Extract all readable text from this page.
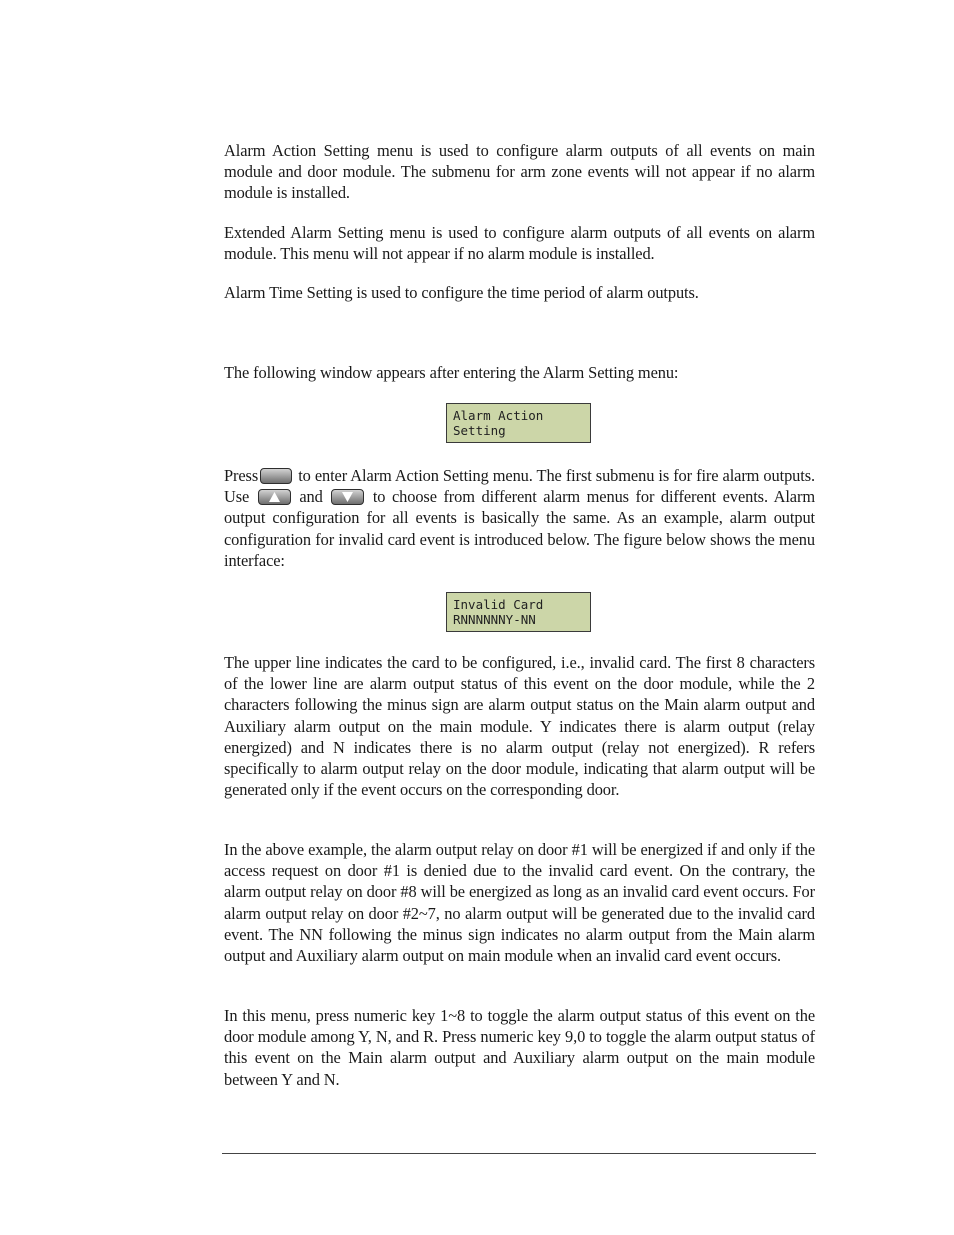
Alarm Action Setting menu is used to configure alarm outputs of all events on main module and door module. The submenu for arm zone events will not appear if no alarm module is installed.

Extended Alarm Setting menu is used to configure alarm outputs of all events on alarm module. This menu will not appear if no alarm module is installed.

Alarm Time Setting is used to configure the time period of alarm outputs.

The following window appears after entering the Alarm Setting menu:

Alarm Action
Setting

Press to enter Alarm Action Setting menu. The first submenu is for fire alarm outputs. Use
and
to choose from different alarm menus for different events. Alarm output configuration for all events is basically the same. As an example, alarm output configuration for invalid card event is introduced below. The figure below shows the menu interface:

Invalid Card
RNNNNNNY-NN

The upper line indicates the card to be configured, i.e., invalid card. The first 8 characters of the lower line are alarm output status of this event on the door module, while the 2 characters following the minus sign are alarm output status on the Main alarm output and Auxiliary alarm output on the main module. Y indicates there is alarm output (relay energized) and N indicates there is no alarm output (relay not energized). R refers specifically to alarm output relay on the door module, indicating that alarm output will be generated only if the event occurs on the corresponding door.

In the above example, the alarm output relay on door #1 will be energized if and only if the access request on door #1 is denied due to the invalid card event. On the contrary, the alarm output relay on door #8 will be energized as long as an invalid card event occurs. For alarm output relay on door #2~7, no alarm output will be generated due to the invalid card event. The NN following the minus sign indicates no alarm output from the Main alarm output and Auxiliary alarm output on main module when an invalid card event occurs.

In this menu, press numeric key 1~8 to toggle the alarm output status of this event on the door module among Y, N, and R. Press numeric key 9,0 to toggle the alarm output status of this event on the Main alarm output and Auxiliary alarm output on the main module between Y and N.
